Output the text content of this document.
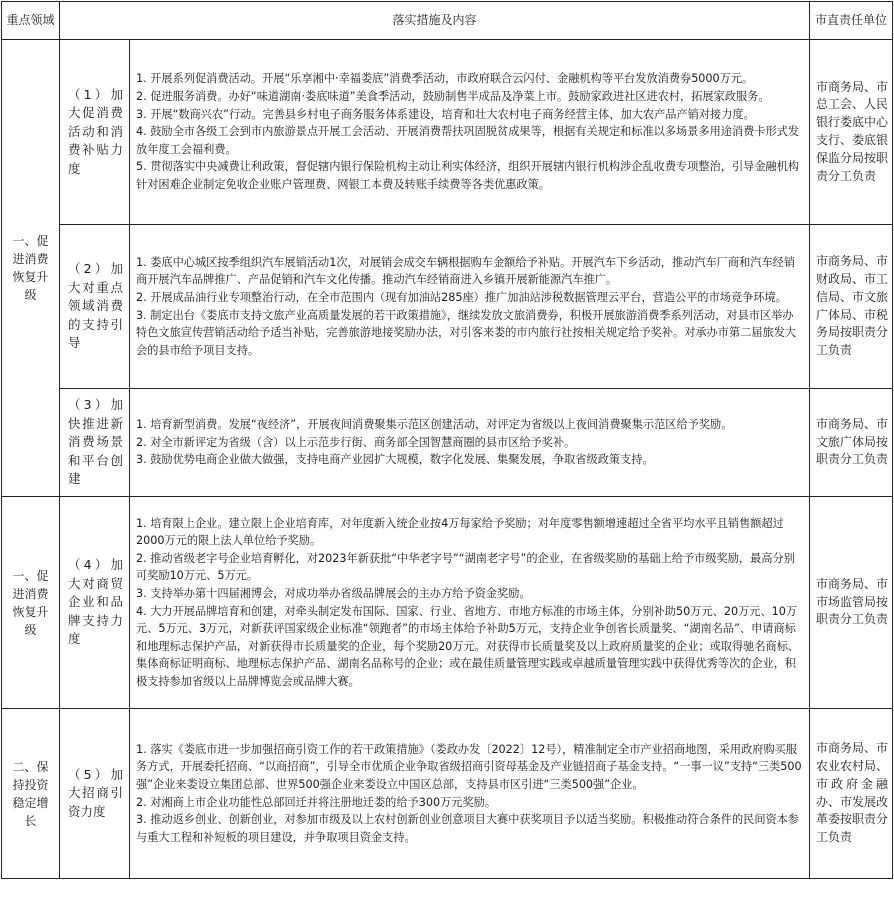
重点领域	落实措施及内容		市直责任单位
一、促进消费恢复升级	（1）加大促消费活动和消费补贴力度	1. 开展系列促消费活动。开展“乐享湘中·幸福娄底”消费季活动，市政府联合云闪付、金融机构等平台发放消费券5000万元。

2. 促进服务消费。办好“味道湖南·娄底味道”美食季活动，鼓励制售半成品及净菜上市。鼓励家政进社区进农村，拓展家政服务。

3. 开展“数商兴农”行动。完善县乡村电子商务服务体系建设，培育和壮大农村电子商务经营主体，加大农产品产销对接力度。

4. 鼓励全市各级工会到市内旅游景点开展工会活动、开展消费帮扶巩固脱贫成果等，根据有关规定和标准以多场景多用途消费卡形式发放年度工会福利费。

5. 贯彻落实中央减费让利政策，督促辖内银行保险机构主动让利实体经济，组织开展辖内银行机构涉企乱收费专项整治，引导金融机构针对困难企业制定免收企业账户管理费、网银工本费及转账手续费等各类优惠政策。	市商务局、市总工会、人民银行娄底中心支行、娄底银保监分局按职责分工负责
	（2）加大对重点领域消费的支持引导	1. 娄底中心城区按季组织汽车展销活动1次，对展销会成交车辆根据购车金额给予补贴。开展汽车下乡活动，推动汽车厂商和汽车经销商开展汽车品牌推广、产品促销和汽车文化传播。推动汽车经销商进入乡镇开展新能源汽车推广。

2. 开展成品油行业专项整治行动，在全市范围内（现有加油站285座）推广加油站涉税数据管理云平台，营造公平的市场竞争环境。

3. 制定出台《娄底市支持文旅产业高质量发展的若干政策措施》，继续发放文旅消费券，积极开展旅游消费季系列活动，对县市区举办特色文旅宣传营销活动给予适当补贴，完善旅游地接奖励办法，对引客来娄的市内旅行社按相关规定给予奖补。对承办市第二届旅发大会的县市给予项目支持。	市商务局、市财政局、市工信局、市文旅广体局、市税务局按职责分工负责
	（3）加快推进新消费场景和平台创建	1. 培育新型消费。发展“夜经济”，开展夜间消费聚集示范区创建活动，对评定为省级以上夜间消费聚集示范区给予奖励。

2. 对全市新评定为省级（含）以上示范步行街、商务部全国智慧商圈的县市区给予奖补。

3. 鼓励优势电商企业做大做强，支持电商产业园扩大规模，数字化发展、集聚发展，争取省级政策支持。	市商务局、市文旅广体局按职责分工负责
一、促进消费恢复升级	（4）加大对商贸企业和品牌支持力度	1. 培育限上企业。建立限上企业培育库，对年度新入统企业按4万每家给予奖励；对年度零售额增速超过全省平均水平且销售额超过2000万元的限上法人单位给予奖励。

2. 推动省级老字号企业培育孵化，对2023年新获批“中华老字号”“湖南老字号”的企业，在省级奖励的基础上给予市级奖励，最高分别可奖励10万元、5万元。

3. 支持举办第十四届湘博会，对成功举办省级品牌展会的主办方给予资金奖励。

4. 大力开展品牌培育和创建，对牵头制定发布国际、国家、行业、省地方、市地方标准的市场主体，分别补助50万元、20万元、10万元、5万元、3万元，对新获评国家级企业标准“领跑者”的市场主体给予补助5万元，支持企业争创省长质量奖、“湖南名品”、申请商标和地理标志保护产品，对新获得市长质量奖的企业，每个奖励20万元。对获得市长质量奖及以上政府质量奖的企业；或取得驰名商标、集体商标证明商标、地理标志保护产品、湖南名品称号的企业；或在最佳质量管理实践或卓越质量管理实践中获得优秀等次的企业，积极支持参加省级以上品牌博览会或品牌大赛。	市商务局、市市场监管局按职责分工负责
二、保持投资稳定增长	（5）加大招商引资力度	1. 落实《娄底市进一步加强招商引资工作的若干政策措施》（娄政办发〔2022〕12号），精准制定全市产业招商地图，采用政府购买服务方式，开展委托招商、“以商招商”，引导全市优质企业争取省级招商引资母基金及产业链招商子基金支持。“一事一议”支持“三类500强”企业来娄设立集团总部、世界500强企业来娄设立中国区总部，支持县市区引进“三类500强”企业。

2. 对湘商上市企业功能性总部回迁并将注册地迁娄的给予300万元奖励。

3. 推动返乡创业、创新创业，对参加市级及以上农村创新创业创意项目大赛中获奖项目予以适当奖励。积极推动符合条件的民间资本参与重大工程和补短板的项目建设，并争取项目资金支持。	市商务局、市农业农村局、市政府金融办、市发展改革委按职责分工负责
